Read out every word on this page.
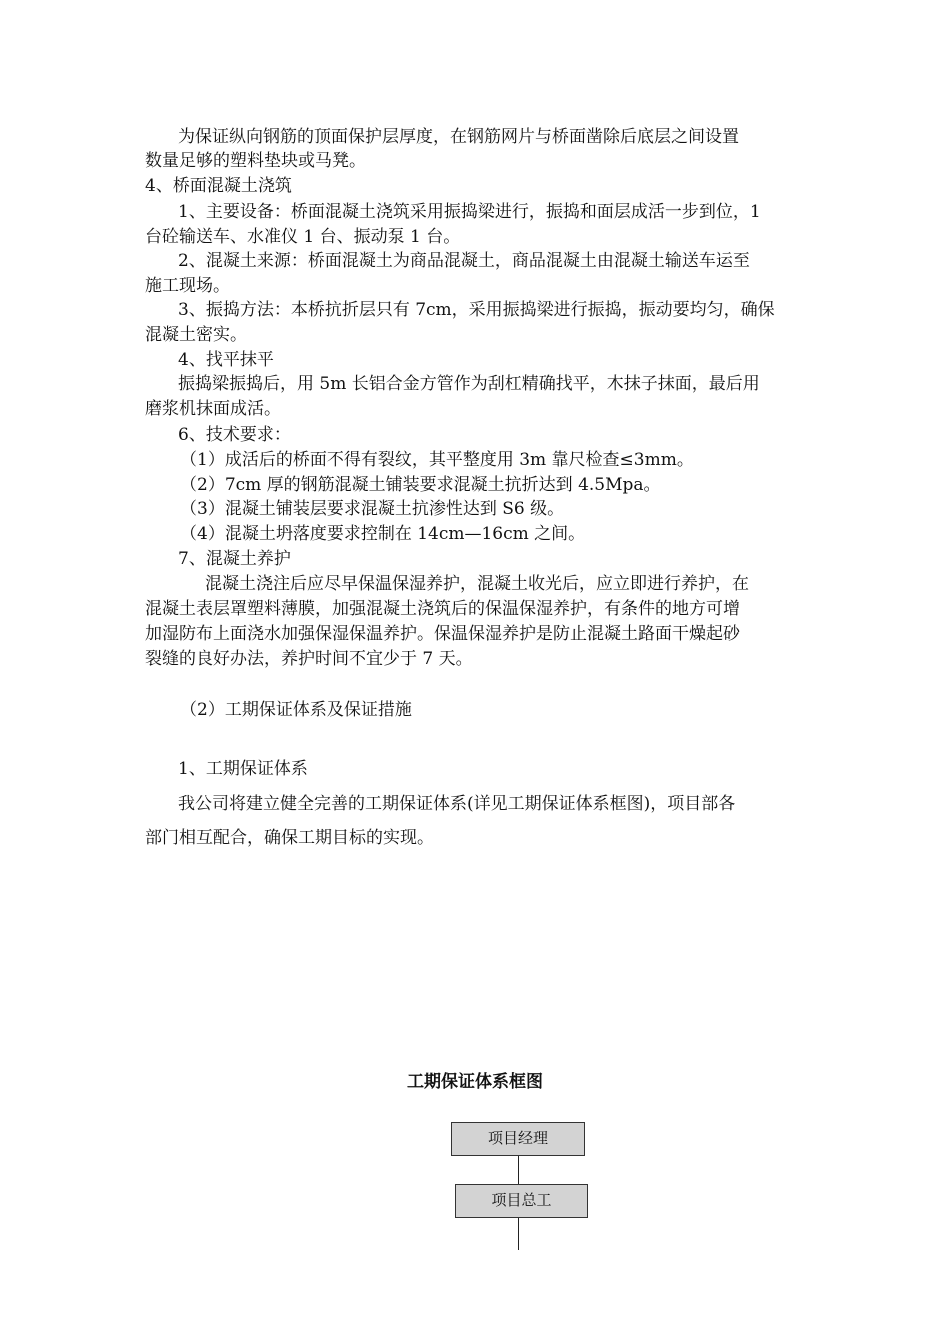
为保证纵向钢筋的顶面保护层厚度，在钢筋网片与桥面凿除后底层之间设置
数量足够的塑料垫块或马凳。
4、桥面混凝土浇筑
1、主要设备：桥面混凝土浇筑采用振捣梁进行，振捣和面层成活一步到位，1
台砼输送车、水准仪 1 台、振动泵 1 台。
2、混凝土来源：桥面混凝土为商品混凝土，商品混凝土由混凝土输送车运至
施工现场。
3、振捣方法：本桥抗折层只有 7cm，采用振捣梁进行振捣，振动要均匀，确保
混凝土密实。
4、找平抹平
振捣梁振捣后，用 5m 长铝合金方管作为刮杠精确找平，木抹子抹面，最后用
磨浆机抹面成活。
6、技术要求：
（1）成活后的桥面不得有裂纹，其平整度用 3m 靠尺检查≤3mm。
（2）7cm 厚的钢筋混凝土铺装要求混凝土抗折达到 4.5Mpa。
（3）混凝土铺装层要求混凝土抗渗性达到 S6 级。
（4）混凝土坍落度要求控制在 14cm—16cm 之间。
7、混凝土养护
混凝土浇注后应尽早保温保湿养护，混凝土收光后，应立即进行养护，在
混凝土表层罩塑料薄膜，加强混凝土浇筑后的保温保湿养护，有条件的地方可增
加湿防布上面浇水加强保湿保温养护。保温保湿养护是防止混凝土路面干燥起砂
裂缝的良好办法，养护时间不宜少于 7 天。
（2）工期保证体系及保证措施
1、工期保证体系
我公司将建立健全完善的工期保证体系(详见工期保证体系框图)，项目部各
部门相互配合，确保工期目标的实现。
工期保证体系框图
项目经理
项目总工
